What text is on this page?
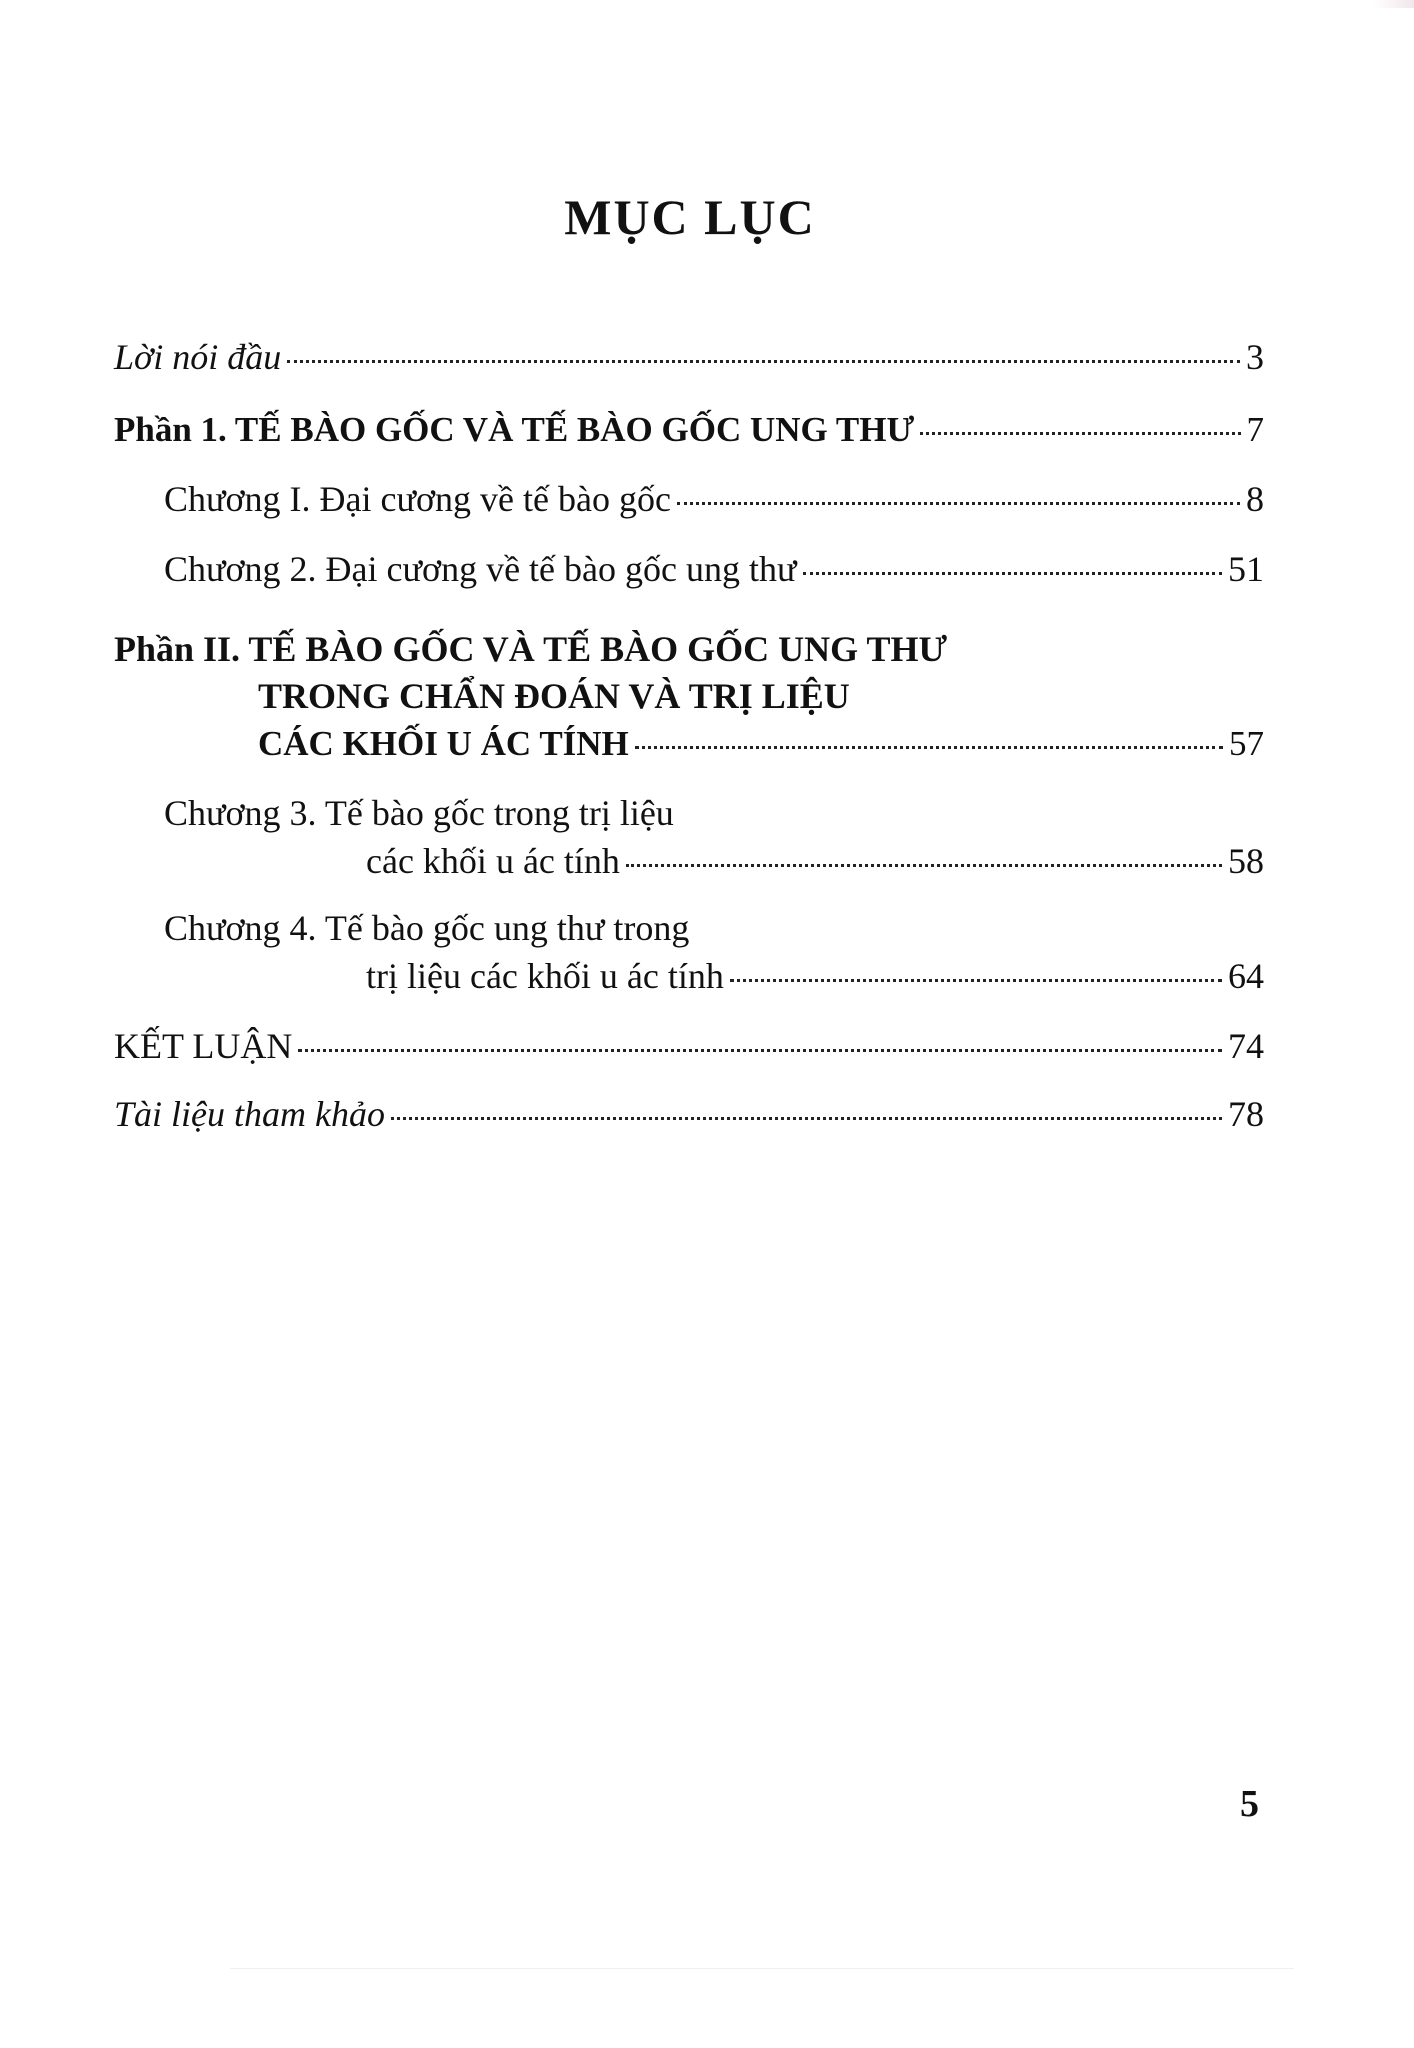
MỤC LỤC
Lời nói đầu	3
Phần 1. TẾ BÀO GỐC VÀ TẾ BÀO GỐC UNG THƯ	7
Chương I. Đại cương về tế bào gốc	8
Chương 2. Đại cương về tế bào gốc ung thư	51
Phần II. TẾ BÀO GỐC VÀ TẾ BÀO GỐC UNG THƯ
TRONG CHẨN ĐOÁN VÀ TRỊ LIỆU
CÁC KHỐI U ÁC TÍNH	57
Chương 3. Tế bào gốc trong trị liệu
các khối u ác tính	58
Chương 4. Tế bào gốc ung thư trong
trị liệu các khối u ác tính	64
KẾT LUẬN	74
Tài liệu tham khảo	78
5
